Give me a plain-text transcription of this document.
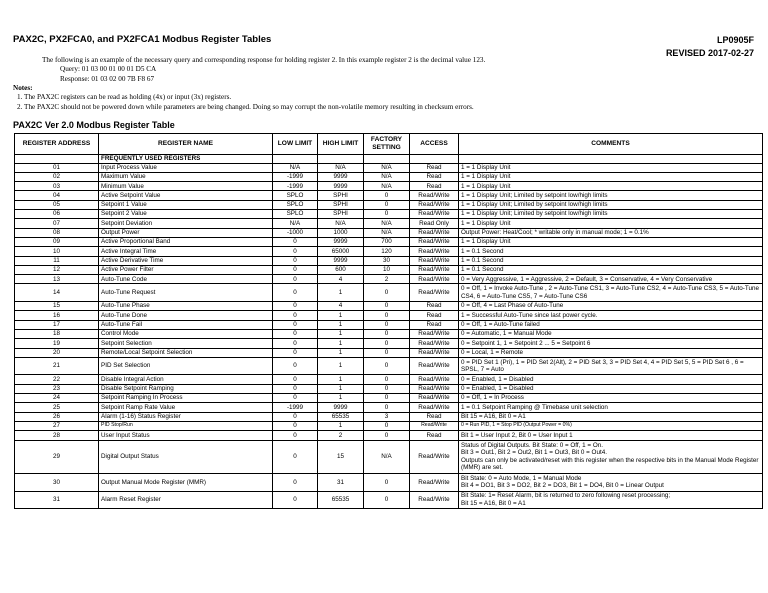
PAX2C, PX2FCA0, and PX2FCA1 Modbus Register Tables	LP0905F
REVISED 2017-02-27
The following is an example of the necessary query and corresponding response for holding register 2. In this example register 2 is the decimal value 123.
Query: 01 03 00 01 00 01 D5 CA
Response: 01 03 02 00 7B F8 67
Notes:
1. The PAX2C registers can be read as holding (4x) or input (3x) registers.
2. The PAX2C should not be powered down while parameters are being changed. Doing so may corrupt the non-volatile memory resulting in checksum errors.
PAX2C Ver 2.0 Modbus Register Table
REGISTER ADDRESS	REGISTER NAME	LOW LIMIT	HIGH LIMIT	FACTORY SETTING	ACCESS	COMMENTS
	FREQUENTLY USED REGISTERS					
01	Input Process Value	N/A	N/A	N/A	Read	1 = 1 Display Unit
02	Maximum Value	-1999	9999	N/A	Read	1 = 1 Display Unit
03	Minimum Value	-1999	9999	N/A	Read	1 = 1 Display Unit
04	Active Setpoint Value	SPLO	SPHI	0	Read/Write	1 = 1 Display Unit; Limited by setpoint low/high limits
05	Setpoint 1 Value	SPLO	SPHI	0	Read/Write	1 = 1 Display Unit; Limited by setpoint low/high limits
06	Setpoint 2 Value	SPLO	SPHI	0	Read/Write	1 = 1 Display Unit; Limited by setpoint low/high limits
07	Setpoint Deviation	N/A	N/A	N/A	Read Only	1 = 1 Display Unit
08	Output Power	-1000	1000	N/A	Read/Write	Output Power: Heat/Cool; * writable only in manual mode; 1 = 0.1%
09	Active Proportional Band	0	9999	700	Read/Write	1 = 1 Display Unit
10	Active Integral Time	0	65000	120	Read/Write	1 = 0.1 Second
11	Active Derivative Time	0	9999	30	Read/Write	1 = 0.1 Second
12	Active Power Filter	0	600	10	Read/Write	1 = 0.1 Second
13	Auto-Tune Code	0	4	2	Read/Write	0 = Very Aggressive, 1 = Aggressive, 2 = Default, 3 = Conservative, 4 = Very Conservative
14	Auto-Tune Request	0	1	0	Read/Write	0 = Off, 1 = Invoke Auto-Tune , 2 = Auto-Tune CS1, 3 = Auto-Tune CS2, 4 = Auto-Tune CS3, 5 = Auto-Tune CS4, 6 = Auto-Tune CS5, 7 = Auto-Tune CS6
15	Auto-Tune Phase	0	4	0	Read	0 = Off, 4 = Last Phase of Auto-Tune
16	Auto-Tune Done	0	1	0	Read	1 = Successful Auto-Tune since last power cycle.
17	Auto-Tune Fail	0	1	0	Read	0 = Off, 1 = Auto-Tune failed
18	Control Mode	0	1	0	Read/Write	0 = Automatic, 1 = Manual Mode
19	Setpoint Selection	0	1	0	Read/Write	0 = Setpoint 1, 1 = Setpoint 2 ... 5 = Setpoint 6
20	Remote/Local Setpoint Selection	0	1	0	Read/Write	0 = Local, 1 = Remote
21	PID Set Selection	0	1	0	Read/Write	0 = PID Set 1 (Pri), 1 = PID Set 2(Alt), 2 = PID Set 3, 3 = PID Set 4, 4 = PID Set 5, 5 = PID Set 6 , 6 = SPSL, 7 = Auto
22	Disable Integral Action	0	1	0	Read/Write	0 = Enabled, 1 = Disabled
23	Disable Setpoint Ramping	0	1	0	Read/Write	0 = Enabled, 1 = Disabled
24	Setpoint Ramping In Process	0	1	0	Read/Write	0 = Off, 1 = In Process
25	Setpoint Ramp Rate Value	-1999	9999	0	Read/Write	1 = 0.1 Setpoint Ramping @ Timebase unit selection
26	Alarm (1-16) Status Register	0	65535	3	Read	Bit 15 = A16, Bit 0 = A1
27	PID Stop/Run	0	1	0	Read/Write	0 = Run PID, 1 = Stop PID (Output Power = 0%)
28	User Input Status	0	2	0	Read	Bit 1 = User Input 2, Bit 0 = User Input 1
29	Digital Output Status	0	15	N/A	Read/Write	Status of Digital Outputs. Bit State: 0 = Off, 1 = On.
Bit 3 = Out1, Bit 2 = Out2, Bit 1 = Out3, Bit 0 = Out4.
Outputs can only be activated/reset with this register when the respective bits in the Manual Mode Register (MMR) are set.
30	Output Manual Mode Register (MMR)	0	31	0	Read/Write	Bit State: 0 = Auto Mode, 1 = Manual Mode
Bit 4 = DO1, Bit 3 = DO2, Bit 2 = DO3, Bit 1 = DO4, Bit 0 = Linear Output
31	Alarm Reset Register	0	65535	0	Read/Write	Bit State: 1= Reset Alarm, bit is returned to zero following reset processing;
Bit 15 = A16, Bit 0 = A1
